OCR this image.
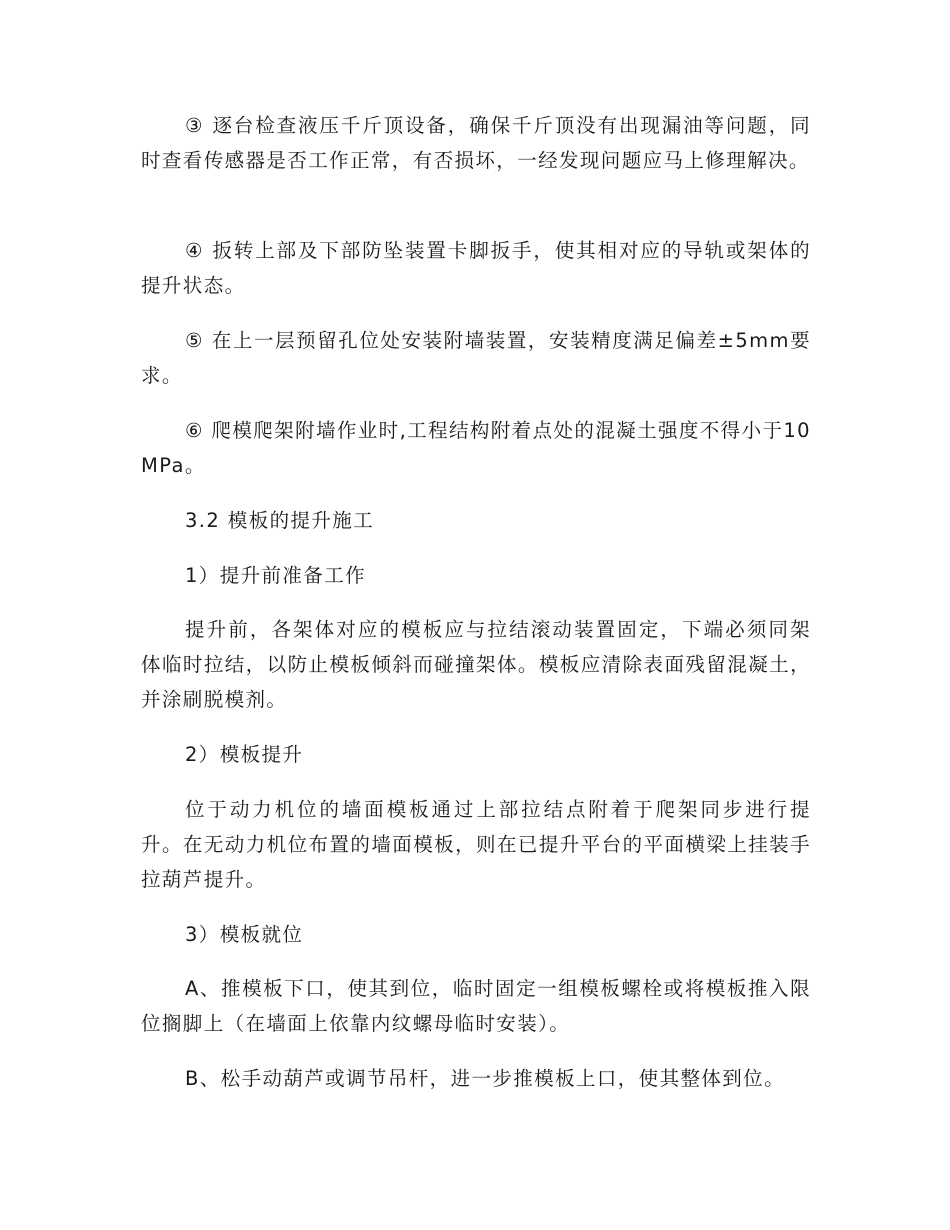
③ 逐台检查液压千斤顶设备，确保千斤顶没有出现漏油等问题，同时查看传感器是否工作正常，有否损坏，一经发现问题应马上修理解决。

④ 扳转上部及下部防坠装置卡脚扳手，使其相对应的导轨或架体的提升状态。

⑤ 在上一层预留孔位处安装附墙装置，安装精度满足偏差±5mm要求。

⑥ 爬模爬架附墙作业时,工程结构附着点处的混凝土强度不得小于10MPa。

3.2 模板的提升施工

1）提升前准备工作

提升前，各架体对应的模板应与拉结滚动装置固定，下端必须同架体临时拉结，以防止模板倾斜而碰撞架体。模板应清除表面残留混凝土，并涂刷脱模剂。

2）模板提升

位于动力机位的墙面模板通过上部拉结点附着于爬架同步进行提升。在无动力机位布置的墙面模板，则在已提升平台的平面横梁上挂装手拉葫芦提升。

3）模板就位

A、推模板下口，使其到位，临时固定一组模板螺栓或将模板推入限位搁脚上（在墙面上依靠内纹螺母临时安装）。

B、松手动葫芦或调节吊杆，进一步推模板上口，使其整体到位。
